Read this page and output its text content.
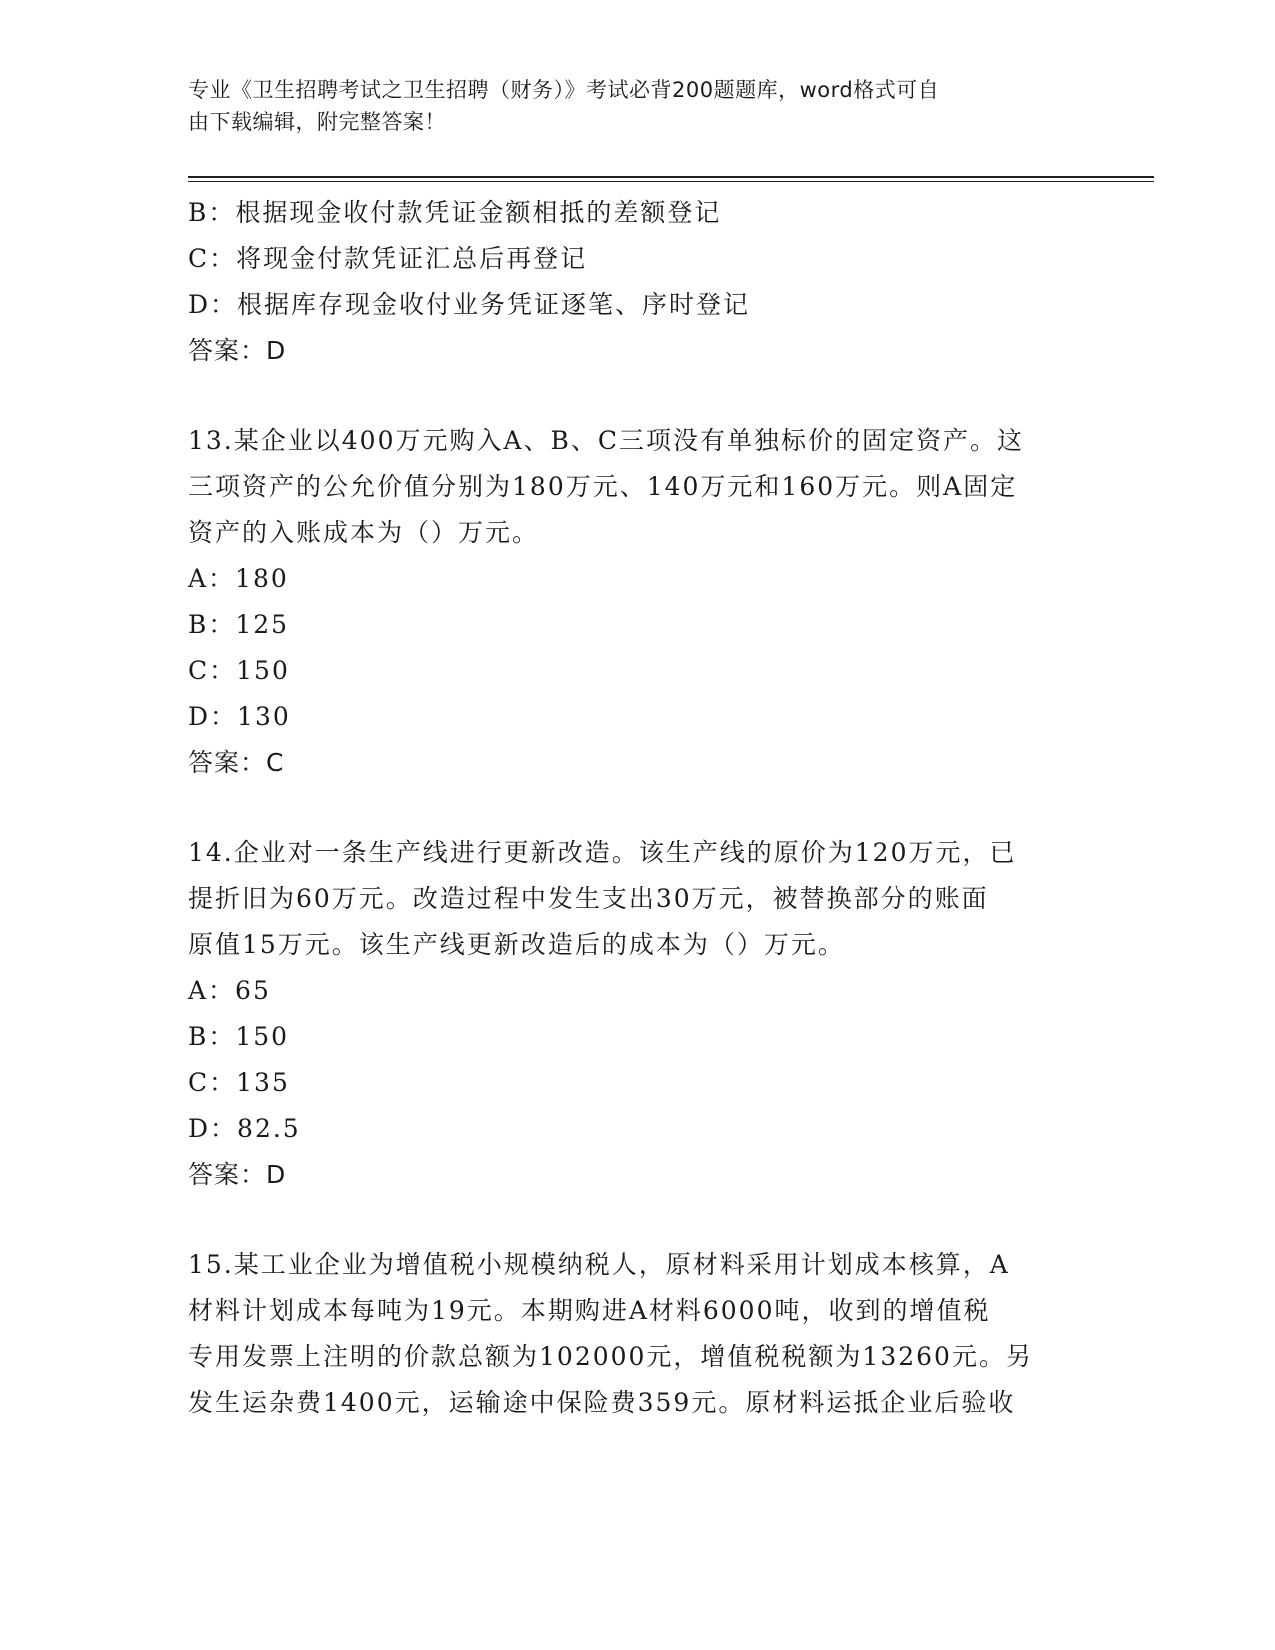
专业《卫生招聘考试之卫生招聘（财务）》考试必背200题题库，word格式可自
由下载编辑，附完整答案！
B：根据现金收付款凭证金额相抵的差额登记
C：将现金付款凭证汇总后再登记
D：根据库存现金收付业务凭证逐笔、序时登记
答案：D
13.某企业以400万元购入A、B、C三项没有单独标价的固定资产。这
三项资产的公允价值分别为180万元、140万元和160万元。则A固定
资产的入账成本为（）万元。
A：180
B：125
C：150
D：130
答案：C
14.企业对一条生产线进行更新改造。该生产线的原价为120万元，已
提折旧为60万元。改造过程中发生支出30万元，被替换部分的账面
原值15万元。该生产线更新改造后的成本为（）万元。
A：65
B：150
C：135
D：82.5
答案：D
15.某工业企业为增值税小规模纳税人，原材料采用计划成本核算，A
材料计划成本每吨为19元。本期购进A材料6000吨，收到的增值税
专用发票上注明的价款总额为102000元，增值税税额为13260元。另
发生运杂费1400元，运输途中保险费359元。原材料运抵企业后验收
